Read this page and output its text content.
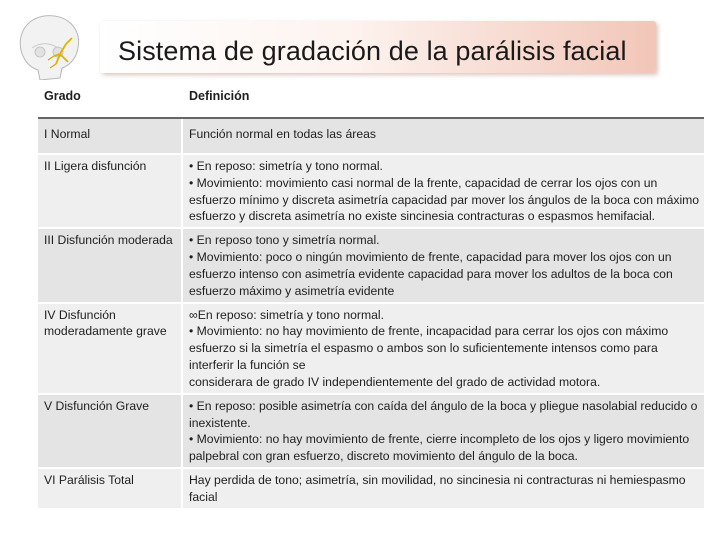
Sistema de gradación de la parálisis facial
Grado	Definición
I Normal	Función normal en todas las áreas

II Ligera disfunción	• En reposo: simetría y tono normal.
• Movimiento: movimiento casi normal de la frente, capacidad de cerrar los ojos con un esfuerzo mínimo y discreta asimetría capacidad par mover los ángulos de la boca con máximo esfuerzo y discreta asimetría no existe sincinesia contracturas o espasmos hemifacial.

III Disfunción moderada	• En reposo tono y simetría normal.
• Movimiento: poco o ningún movimiento de frente, capacidad para mover los ojos con un esfuerzo intenso con asimetría evidente capacidad para mover los adultos de la boca con esfuerzo máximo y asimetría evidente

IV Disfunción moderadamente grave	∞En reposo: simetría y tono normal.
• Movimiento: no hay movimiento de frente, incapacidad para cerrar los ojos con máximo esfuerzo si la simetría el espasmo o ambos son lo suficientemente intensos como para interferir la función se
considerara de grado IV independientemente del grado de actividad motora.

V Disfunción Grave	• En reposo: posible asimetría con caída del ángulo de la boca y pliegue nasolabial reducido o inexistente.
• Movimiento: no hay movimiento de frente, cierre incompleto de los ojos y ligero movimiento palpebral con gran esfuerzo, discreto movimiento del ángulo de la boca.

VI Parálisis Total	Hay perdida de tono; asimetría, sin movilidad, no sincinesia ni contracturas ni hemiespasmo facial
